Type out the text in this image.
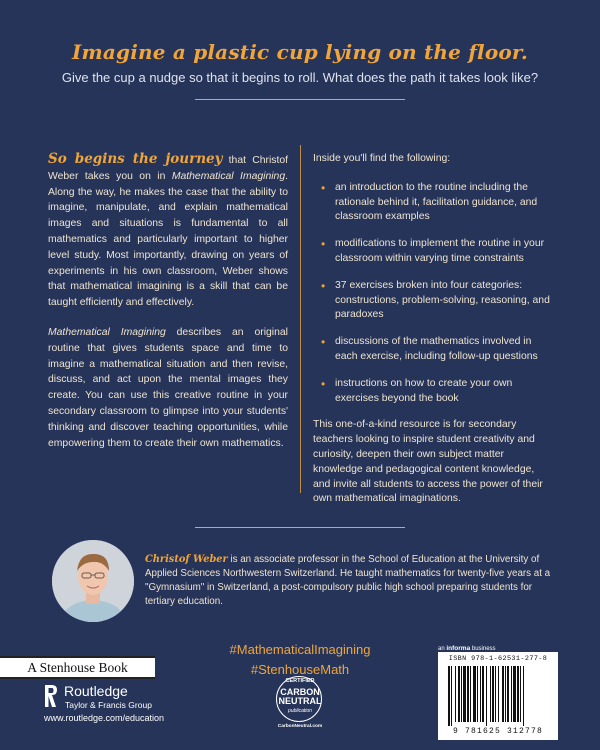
Imagine a plastic cup lying on the floor.
Give the cup a nudge so that it begins to roll. What does the path it takes look like?

So begins the journey that Christof Weber takes you on in Mathematical Imagining. Along the way, he makes the case that the ability to imagine, manipulate, and explain mathematical images and situations is fundamental to all mathematics and particularly important to higher level study. Most importantly, drawing on years of experiments in his own classroom, Weber shows that mathematical imagining is a skill that can be taught efficiently and effectively.

Mathematical Imagining describes an original routine that gives students space and time to imagine a mathematical situation and then revise, discuss, and act upon the mental images they create. You can use this creative routine in your secondary classroom to glimpse into your students' thinking and discover teaching opportunities, while empowering them to create their own mathematics.

Inside you'll find the following:

• an introduction to the routine including the rationale behind it, facilitation guidance, and classroom examples
• modifications to implement the routine in your classroom within varying time constraints
• 37 exercises broken into four categories: constructions, problem-solving, reasoning, and paradoxes
• discussions of the mathematics involved in each exercise, including follow-up questions
• instructions on how to create your own exercises beyond the book

This one-of-a-kind resource is for secondary teachers looking to inspire student creativity and curiosity, deepen their own subject matter knowledge and pedagogical content knowledge, and invite all students to access the power of their own mathematical imaginations.

Christof Weber is an associate professor in the School of Education at the University of Applied Sciences Northwestern Switzerland. He taught mathematics for twenty-five years at a "Gymnasium" in Switzerland, a post-compulsory public high school preparing students for tertiary education.
#MathematicalImagining
#StenhouseMath
A Stenhouse Book
Routledge
Taylor & Francis Group
www.routledge.com/education
CERTIFIED
CARBON
NEUTRAL
publication
CarbonNeutral.com
an informa business
ISBN 978-1-62531-277-8
9 781625 312778
